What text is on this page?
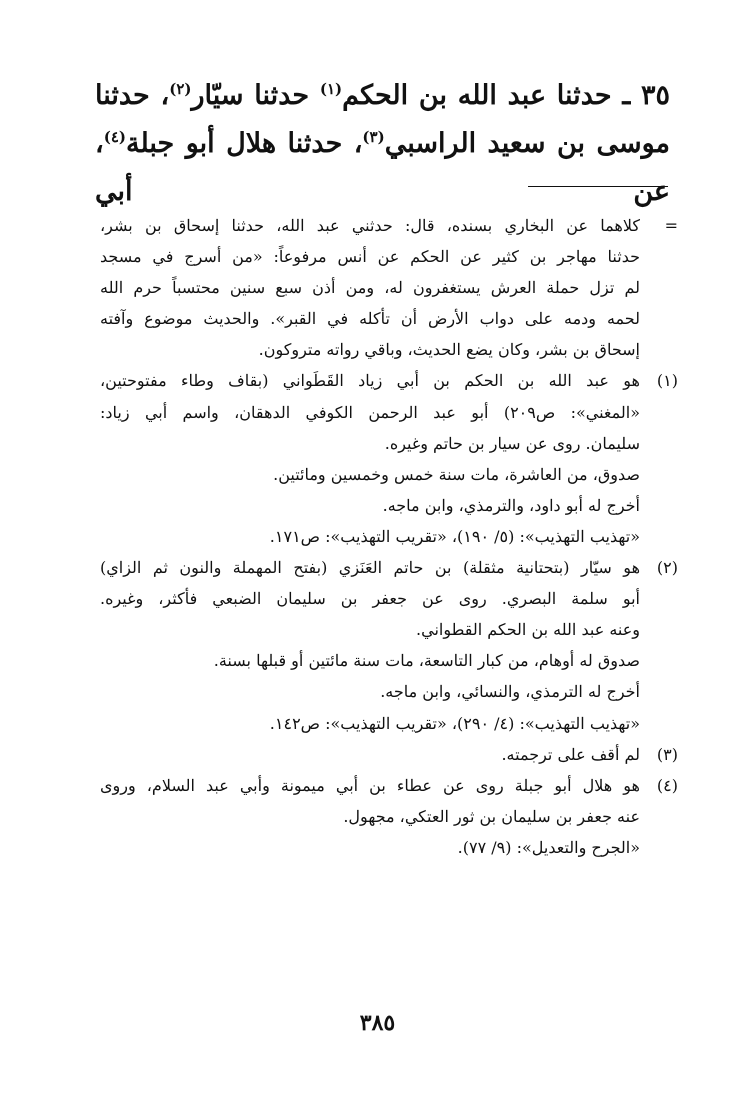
٣٥ ـ حدثنا عبد الله بن الحكم$^{(١)}$ حدثنا سيّار$^{(٢)}$، حدثنا

موسى بن سعيد الراسبي$^{(٣)}$، حدثنا هلال أبو جبلة$^{(٤)}$، عن أبي

=
كلاهما عن البخاري بسنده، قال: حدثني عبد الله، حدثنا إسحاق بن بشر،
حدثنا مهاجر بن كثير عن الحكم عن أنس مرفوعاً: «من أسرج في مسجد
لم تزل حملة العرش يستغفرون له، ومن أذن سبع سنين محتسباً حرم الله
لحمه ودمه على دواب الأرض أن تأكله في القبر». والحديث موضوع وآفته
إسحاق بن بشر، وكان يضع الحديث، وباقي رواته متروكون.
(١)
هو عبد الله بن الحكم بن أبي زياد القَطَواني (بقاف وطاء مفتوحتين،
«المغني»: ص٢٠٩) أبو عبد الرحمن الكوفي الدهقان، واسم أبي زياد:
سليمان. روى عن سيار بن حاتم وغيره.
صدوق، من العاشرة، مات سنة خمس وخمسين ومائتين.
أخرج له أبو داود، والترمذي، وابن ماجه.
«تهذيب التهذيب»: (٥/ ١٩٠)، «تقريب التهذيب»: ص١٧١.
(٢)
هو سيّار (بتحتانية مثقلة) بن حاتم العَنَزي (بفتح المهملة والنون ثم الزاي)
أبو سلمة البصري. روى عن جعفر بن سليمان الضبعي فأكثر، وغيره.
وعنه عبد الله بن الحكم القطواني.
صدوق له أوهام، من كبار التاسعة، مات سنة مائتين أو قبلها بسنة.
أخرج له الترمذي، والنسائي، وابن ماجه.
«تهذيب التهذيب»: (٤/ ٢٩٠)، «تقريب التهذيب»: ص١٤٢.
(٣)
لم أقف على ترجمته.
(٤)
هو هلال أبو جبلة روى عن عطاء بن أبي ميمونة وأبي عبد السلام، وروى
عنه جعفر بن سليمان بن ثور العتكي، مجهول.
«الجرح والتعديل»: (٩/ ٧٧).
٣٨٥
